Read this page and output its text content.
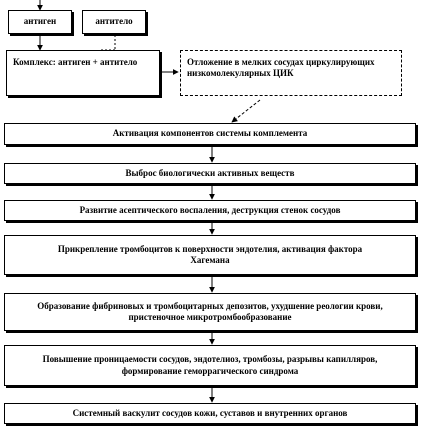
антиген	антитело
Комплекс: антиген + антитело	Отложение в мелких сосудах циркулирующих низкомолекулярных ЦИК
Активация компонентов системы комплемента
Выброс биологически активных веществ
Развитие асептического воспаления, деструкция стенок сосудов
Прикрепление тромбоцитов к поверхности эндотелия, активация фактора Хагемана
Образование фибриновых и тромбоцитарных депозитов, ухудшение реологии крови, пристеночное микротромбообразование
Повышение проницаемости сосудов, эндотелиоз, тромбозы, разрывы капилляров, формирование геморрагического синдрома
Системный васкулит сосудов кожи, суставов и внутренних органов
